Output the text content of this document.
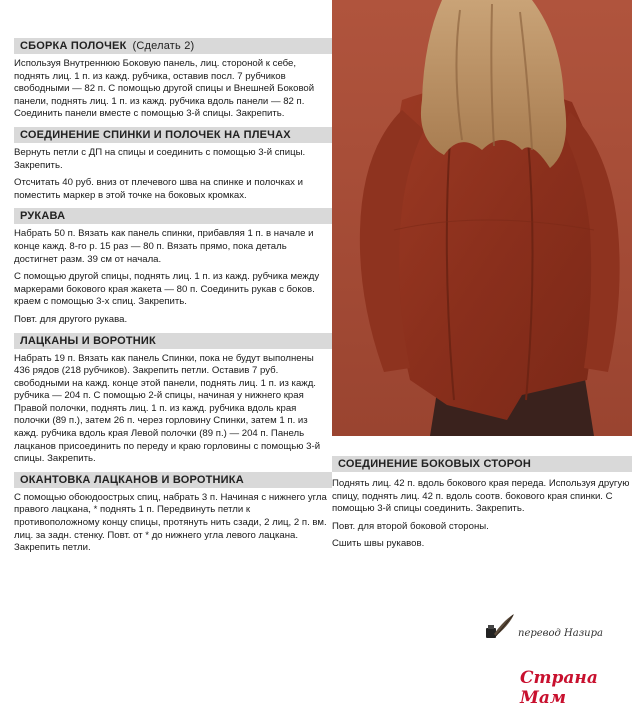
СБОРКА ПОЛОЧЕК (Сделать 2)

Используя Внутреннюю Боковую панель, лиц. стороной к себе, поднять лиц. 1 п. из кажд. рубчика, оставив посл. 7 рубчиков свободными — 82 п. С помощью другой спицы и Внешней Боковой панели, поднять лиц. 1 п. из кажд. рубчика вдоль панели — 82 п. Соединить панели вместе с помощью 3-й спицы. Закрепить.

СОЕДИНЕНИЕ СПИНКИ И ПОЛОЧЕК НА ПЛЕЧАХ

Вернуть петли с ДП на спицы и соединить с помощью 3-й спицы. Закрепить.

Отсчитать 40 руб. вниз от плечевого шва на спинке и полочках и поместить маркер в этой точке на боковых кромках.

РУКАВА

Набрать 50 п. Вязать как панель спинки, прибавляя 1 п. в начале и конце кажд. 8-го р. 15 раз — 80 п. Вязать прямо, пока деталь достигнет разм. 39 см от начала.

С помощью другой спицы, поднять лиц. 1 п. из кажд. рубчика между маркерами бокового края жакета — 80 п. Соединить рукав с боков. краем с помощью 3-х спиц. Закрепить.

Повт. для другого рукава.

ЛАЦКАНЫ И ВОРОТНИК

Набрать 19 п. Вязать как панель Спинки, пока не будут выполнены 436 рядов (218 рубчиков). Закрепить петли. Оставив 7 руб. свободными на кажд. конце этой панели, поднять лиц. 1 п. из кажд. рубчика — 204 п. С помощью 2-й спицы, начиная у нижнего края Правой полочки, поднять лиц. 1 п. из кажд. рубчика вдоль края полочки (89 п.), затем 26 п. через горловину Спинки, затем 1 п. из кажд. рубчика вдоль края Левой полочки (89 п.) — 204 п. Панель лацканов присоединить по переду и краю горловины с помощью 3-й спицы. Закрепить.

ОКАНТОВКА ЛАЦКАНОВ И ВОРОТНИКА

С помощью обоюдоострых спиц, набрать 3 п. Начиная с нижнего угла правого лацкана, * поднять 1 п. Передвинуть петли к противоположному концу спицы, протянуть нить сзади, 2 лиц, 2 п. вм. лиц. за задн. стенку. Повт. от * до нижнего угла левого лацкана. Закрепить петли.

СОЕДИНЕНИЕ БОКОВЫХ СТОРОН

Поднять лиц. 42 п. вдоль бокового края переда. Используя другую спицу, поднять лиц. 42 п. вдоль соотв. бокового края спинки. С помощью 3-й спицы соединить. Закрепить.

Повт. для второй боковой стороны.

Сшить швы рукавов.

перевод Назира
Страна Мам
